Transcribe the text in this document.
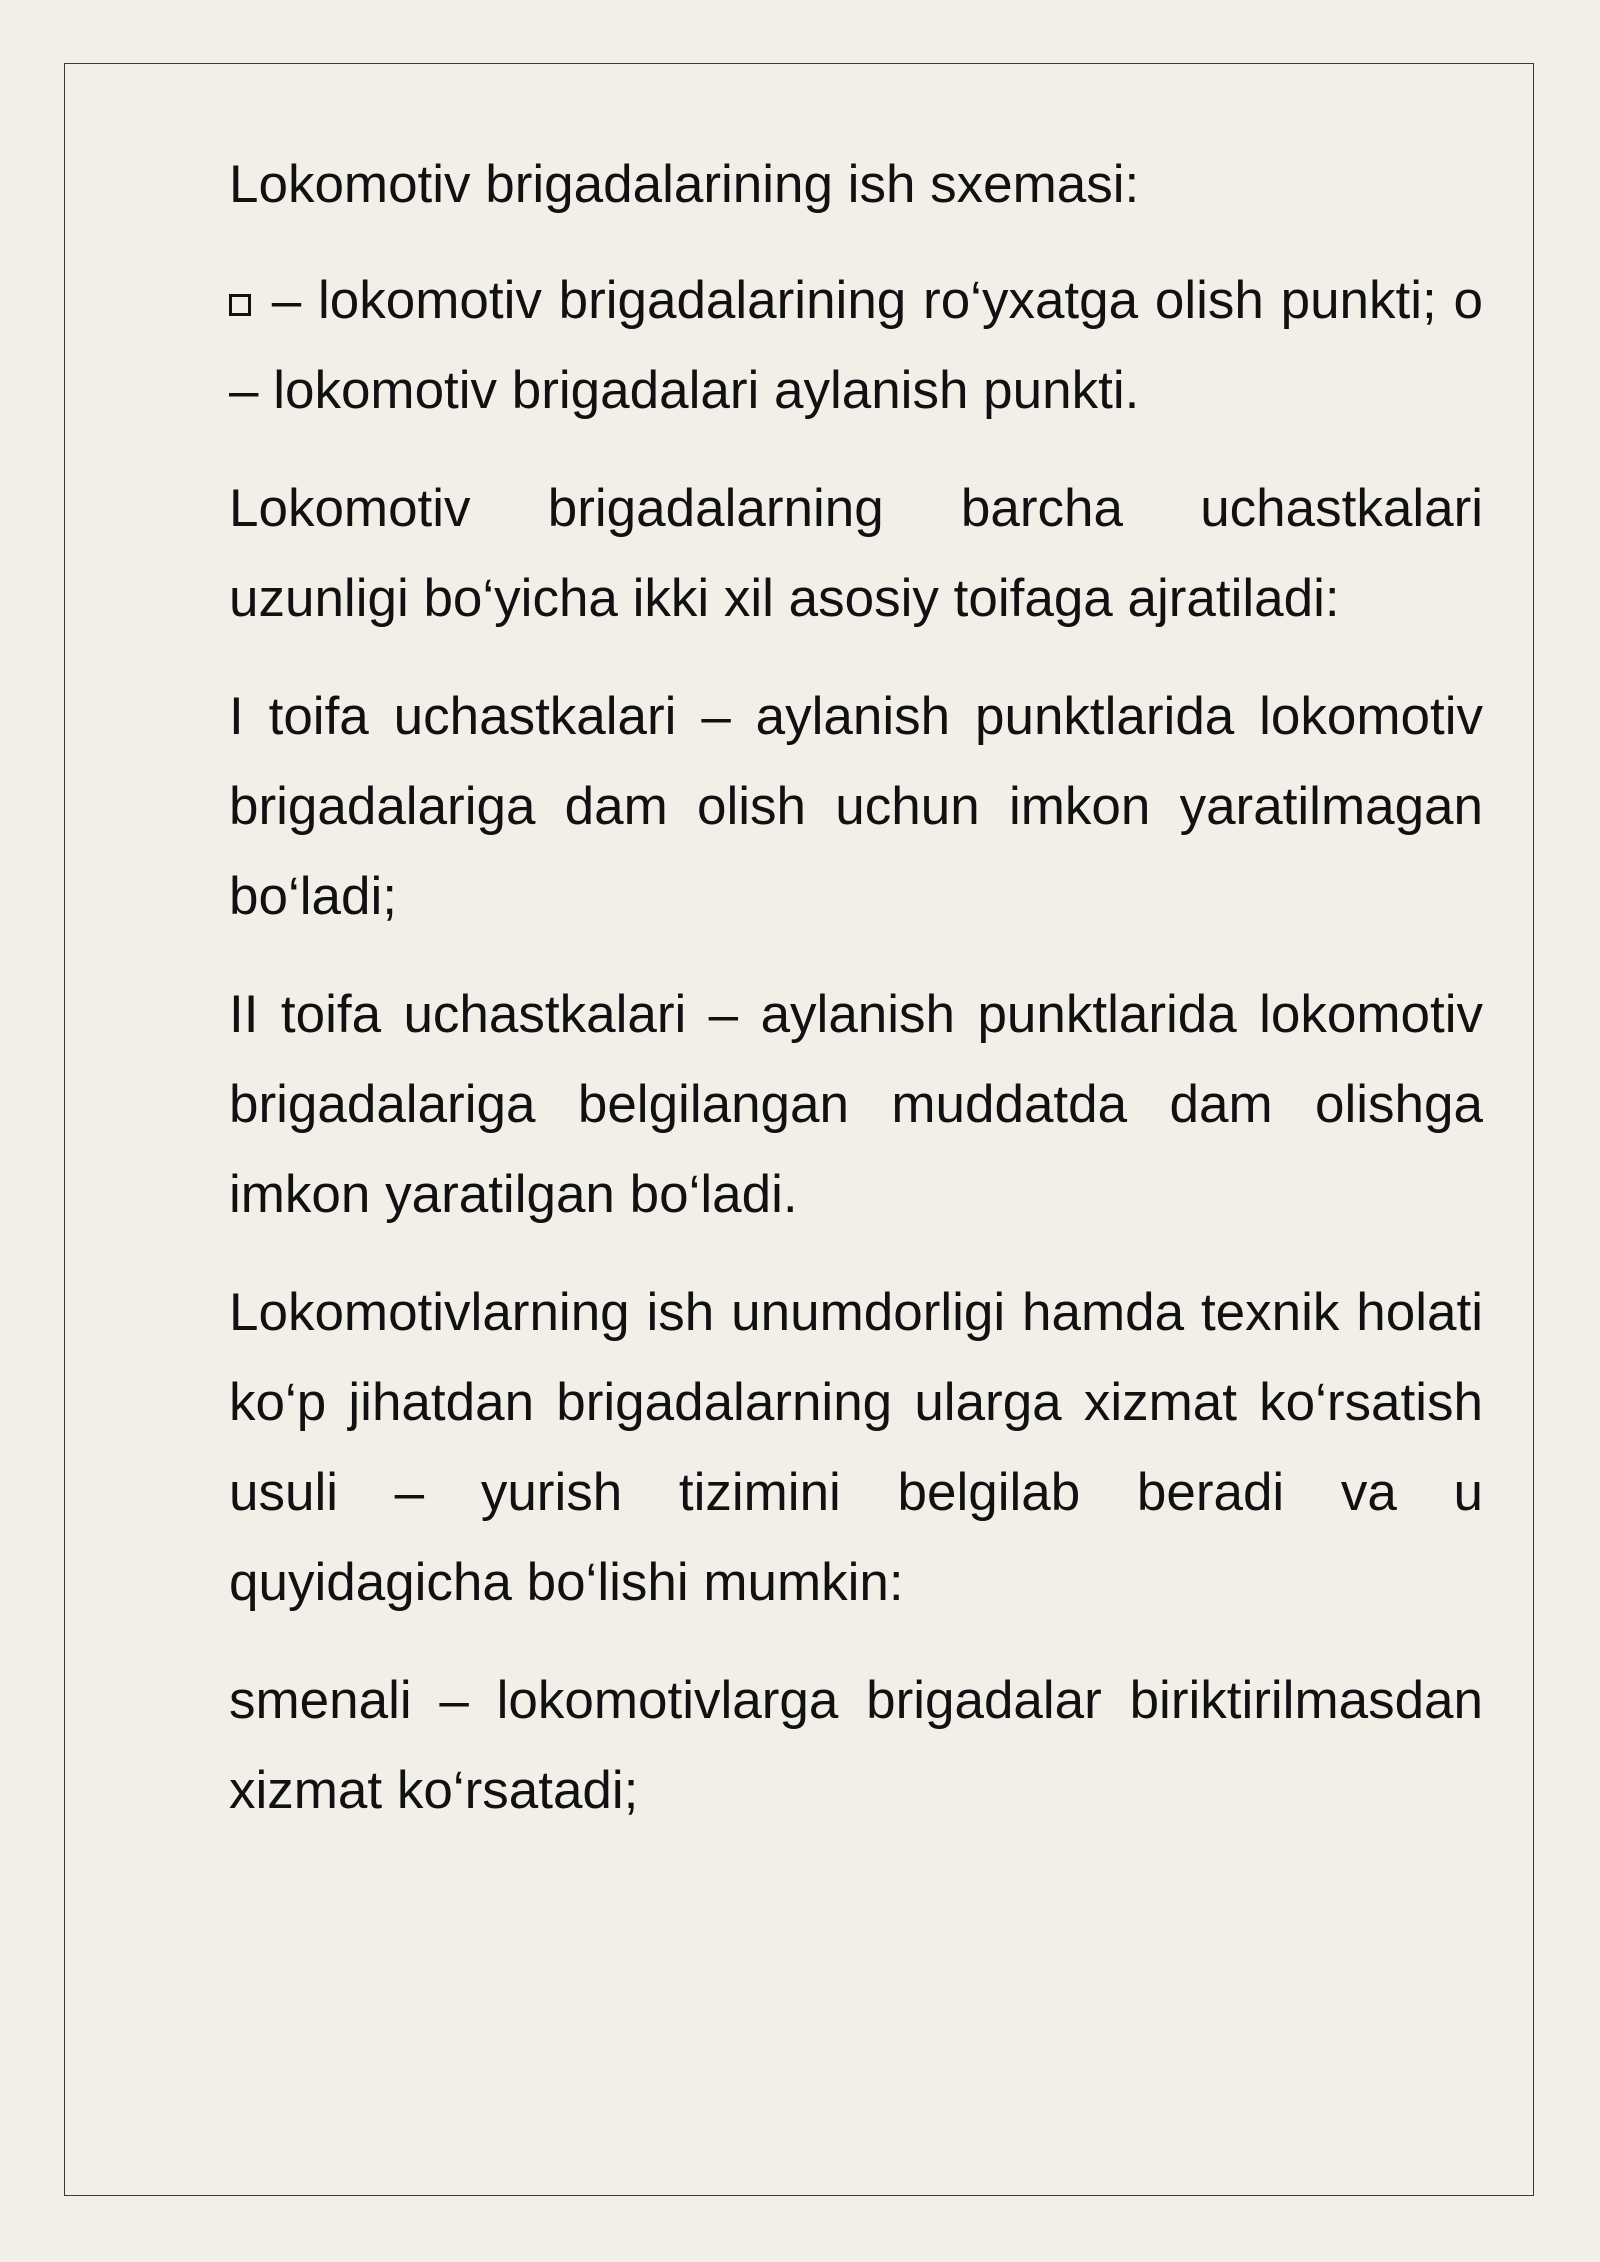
Lokomotiv brigadalarining ish sxemasi:

– lokomotiv brigadalarining ro‘yxatga olish punkti; o – lokomotiv brigadalari aylanish punkti.

Lokomotiv brigadalarning barcha uchastkalari uzunligi bo‘yicha ikki xil asosiy toifaga ajratiladi:

I toifa uchastkalari – aylanish punktlarida lokomotiv brigadalariga dam olish uchun imkon yaratilmagan bo‘ladi;

II toifa uchastkalari – aylanish punktlarida lokomotiv brigadalariga belgilangan muddatda dam olishga imkon yaratilgan bo‘ladi.

Lokomotivlarning ish unumdorligi hamda texnik holati ko‘p jihatdan brigadalarning ularga xizmat ko‘rsatish usuli – yurish tizimini belgilab beradi va u quyidagicha bo‘lishi mumkin:

smenali – lokomotivlarga brigadalar biriktirilmasdan xizmat ko‘rsatadi;
